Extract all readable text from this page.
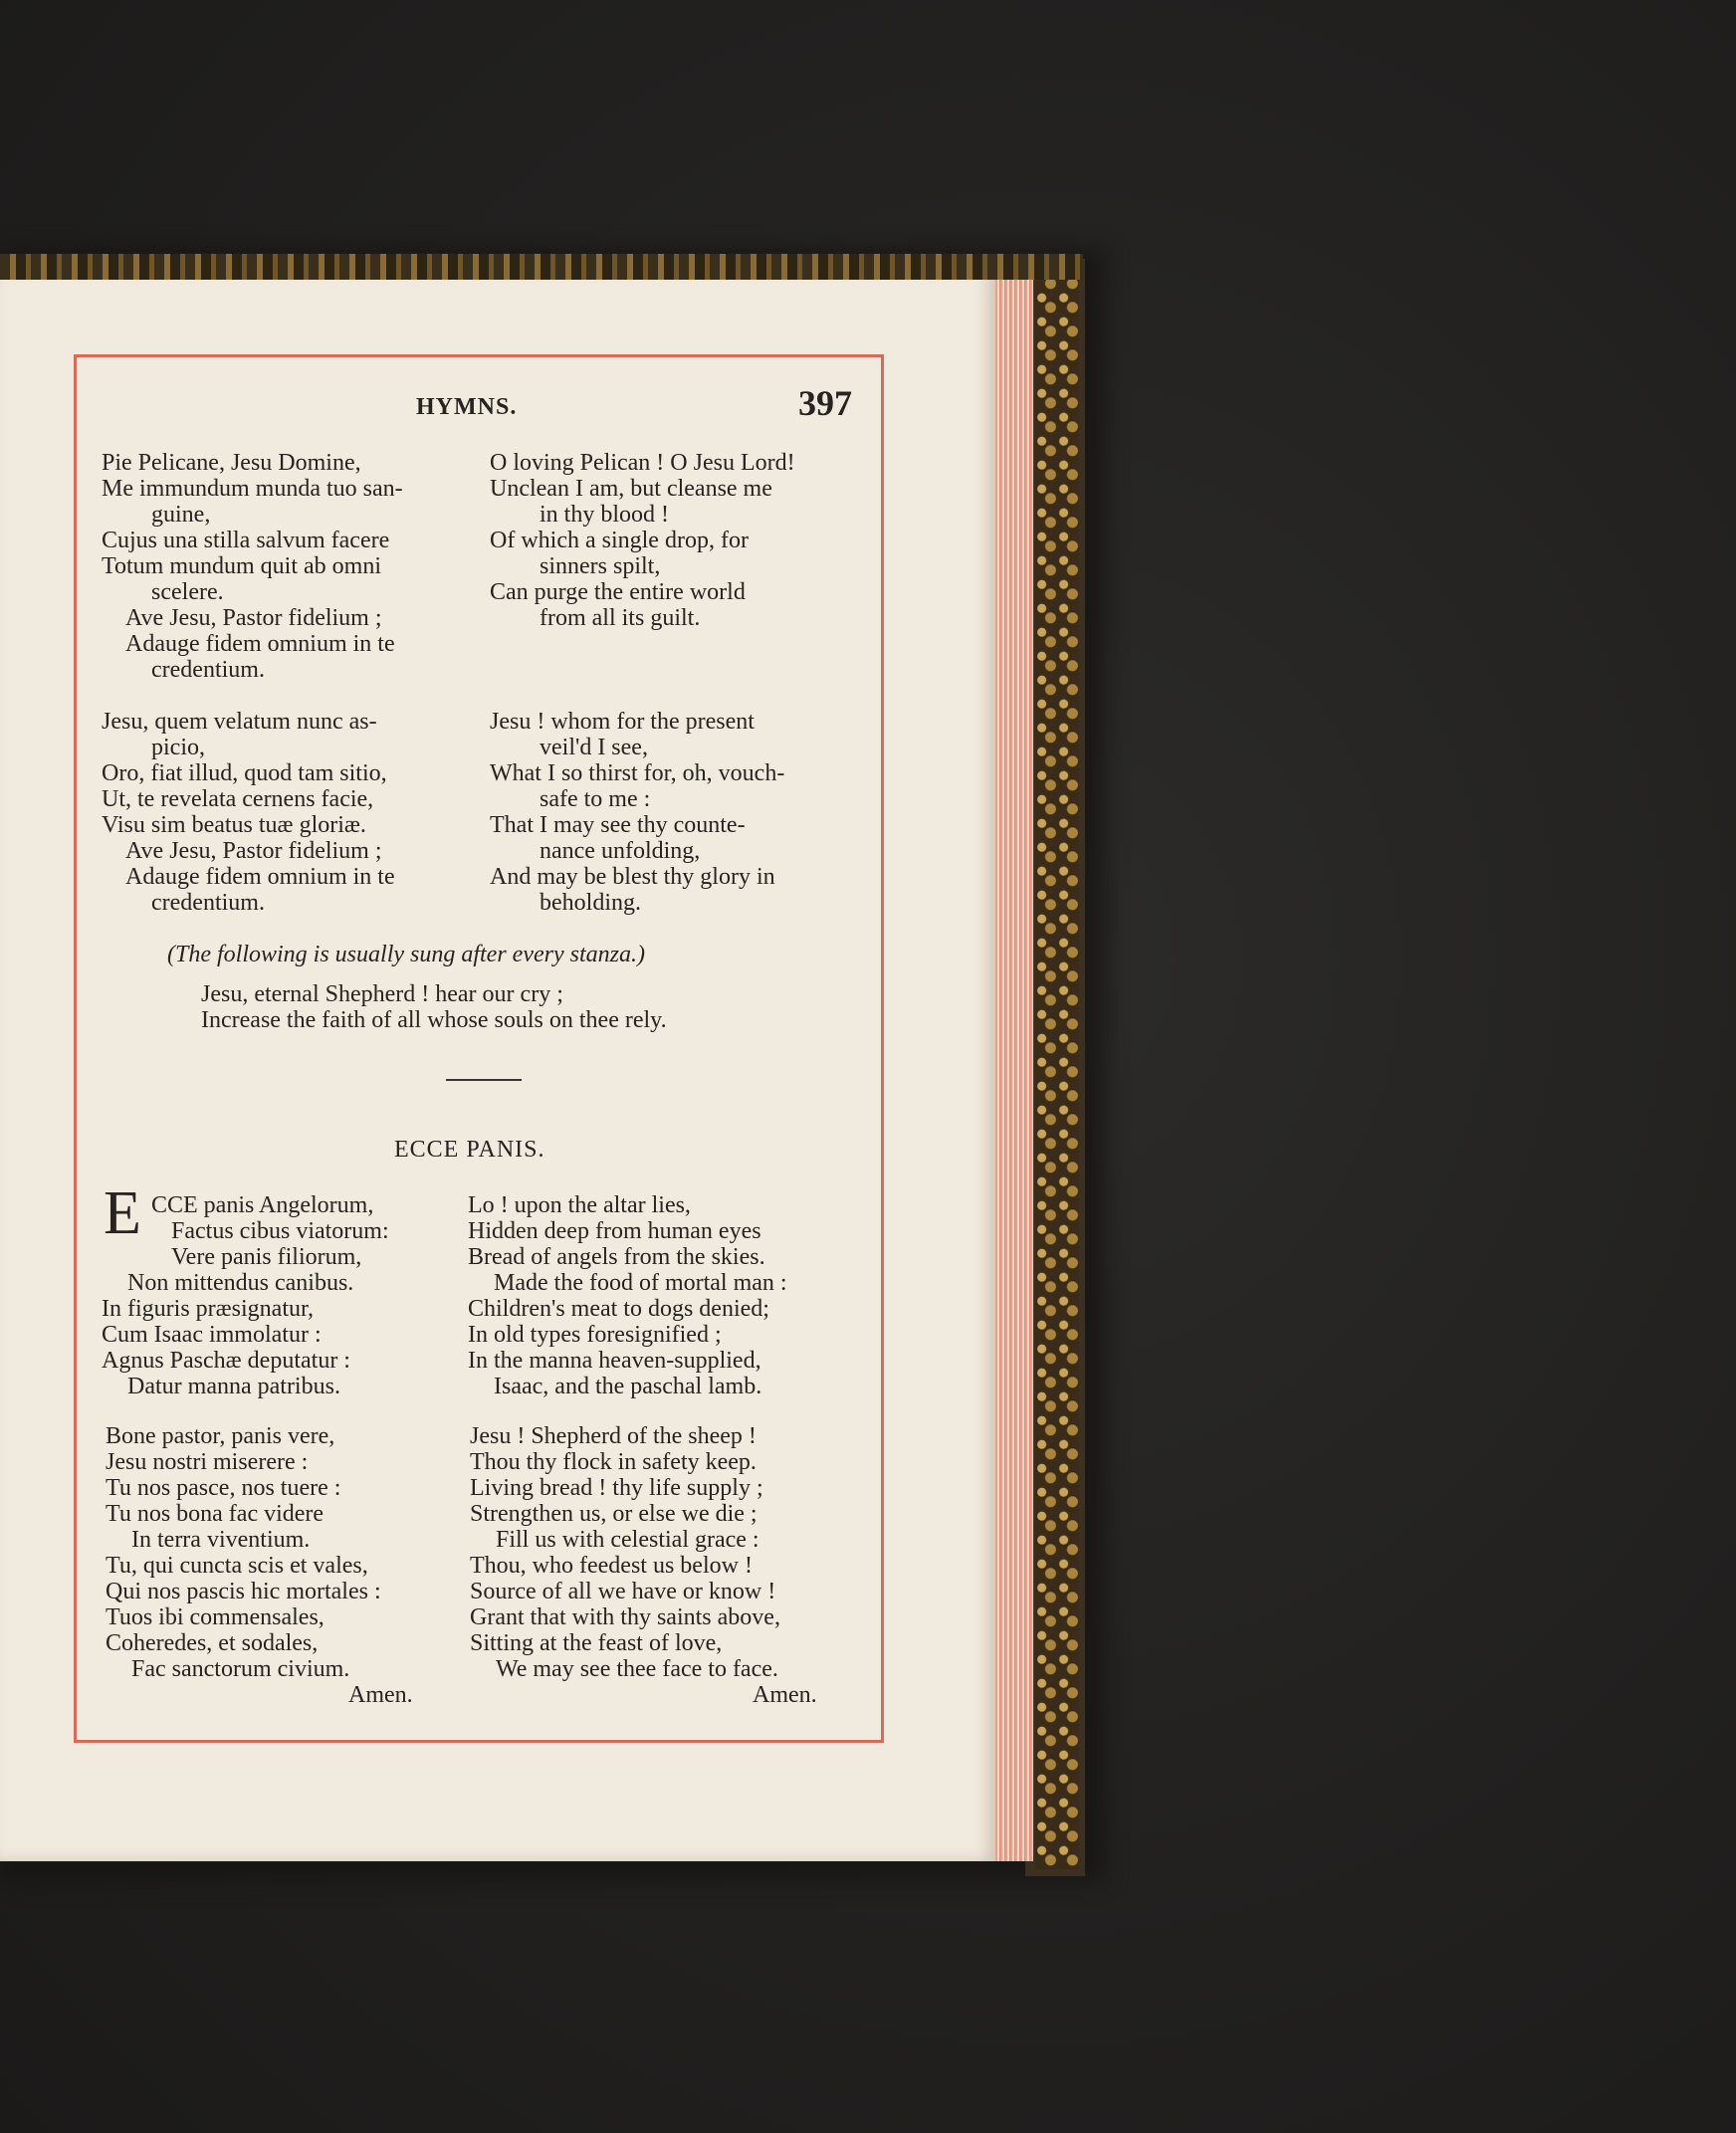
HYMNS.	397
Pie Pelicane, Jesu Domine,
Me immundum munda tuo san-
guine,
Cujus una stilla salvum facere
Totum mundum quit ab omni
scelere.
Ave Jesu, Pastor fidelium ;
Adauge fidem omnium in te
credentium.
O loving Pelican ! O Jesu Lord!
Unclean I am, but cleanse me
in thy blood !
Of which a single drop, for
sinners spilt,
Can purge the entire world
from all its guilt.
Jesu, quem velatum nunc as-
picio,
Oro, fiat illud, quod tam sitio,
Ut, te revelata cernens facie,
Visu sim beatus tuæ gloriæ.
Ave Jesu, Pastor fidelium ;
Adauge fidem omnium in te
credentium.
Jesu ! whom for the present
veil'd I see,
What I so thirst for, oh, vouch-
safe to me :
That I may see thy counte-
nance unfolding,
And may be blest thy glory in
beholding.
(The following is usually sung after every stanza.)
Jesu, eternal Shepherd ! hear our cry ;
Increase the faith of all whose souls on thee rely.
ECCE PANIS.
E CCE panis Angelorum,
Factus cibus viatorum:
Vere panis filiorum,
Non mittendus canibus.
In figuris præsignatur,
Cum Isaac immolatur :
Agnus Paschæ deputatur :
Datur manna patribus.
Lo ! upon the altar lies,
Hidden deep from human eyes
Bread of angels from the skies.
Made the food of mortal man :
Children's meat to dogs denied;
In old types foresignified ;
In the manna heaven-supplied,
Isaac, and the paschal lamb.
Bone pastor, panis vere,
Jesu nostri miserere :
Tu nos pasce, nos tuere :
Tu nos bona fac videre
In terra viventium.
Tu, qui cuncta scis et vales,
Qui nos pascis hic mortales :
Tuos ibi commensales,
Coheredes, et sodales,
Fac sanctorum civium.
Amen.
Jesu ! Shepherd of the sheep !
Thou thy flock in safety keep.
Living bread ! thy life supply ;
Strengthen us, or else we die ;
Fill us with celestial grace :
Thou, who feedest us below !
Source of all we have or know !
Grant that with thy saints above,
Sitting at the feast of love,
We may see thee face to face.
Amen.
